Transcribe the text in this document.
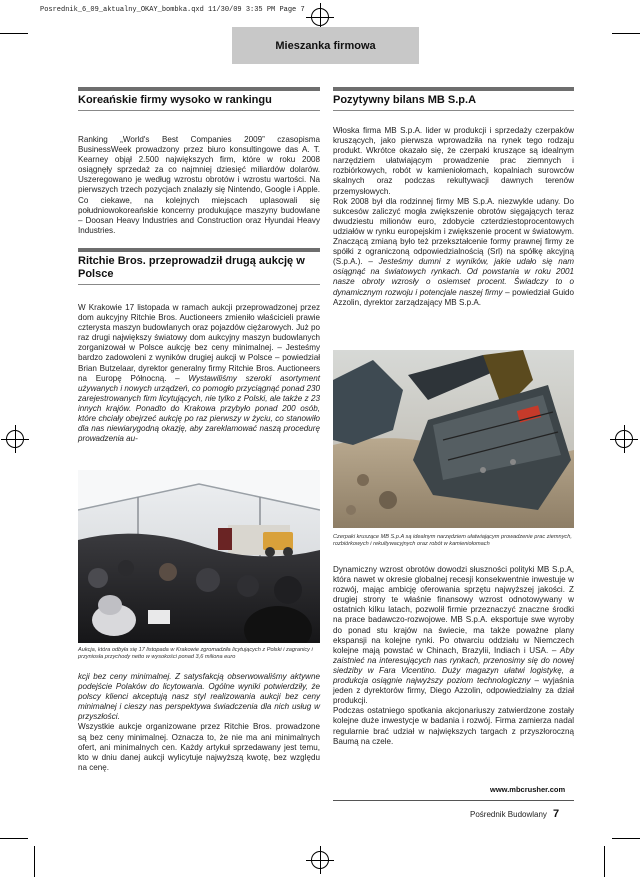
Posrednik_6_09_aktualny_OKAY_bombka.qxd 11/30/09 3:35 PM Page 7
Mieszanka firmowa
Koreańskie firmy wysoko w rankingu
Ranking „World's Best Companies 2009” czasopisma BusinessWeek prowadzony przez biuro konsultingowe das A. T. Kearney objął 2.500 największych firm, które w roku 2008 osiągnęły sprzedaż za co najmniej dziesięć miliardów dolarów. Uszeregowano je według wzrostu obrotów i wzrostu wartości. Na pierwszych trzech pozycjach znalazły się Nintendo, Google i Apple. Co ciekawe, na kolejnych miejscach uplasowali się południowokoreańskie koncerny produkujące maszyny budowlane – Doosan Heavy Industries and Construction oraz Hyundai Heavy Industries.
Ritchie Bros. przeprowadził drugą aukcję w Polsce
W Krakowie 17 listopada w ramach aukcji przeprowadzonej przez dom aukcyjny Ritchie Bros. Auctioneers zmieniło właścicieli prawie czterysta maszyn budowlanych oraz pojazdów ciężarowych. Już po raz drugi największy światowy dom aukcyjny maszyn budowlanych zorganizował w Polsce aukcję bez ceny minimalnej. – Jesteśmy bardzo zadowoleni z wyników drugiej aukcji w Polsce – powiedział Brian Butzelaar, dyrektor generalny firmy Ritchie Bros. Auctioneers na Europę Północną. – Wystawiliśmy szeroki asortyment używanych i nowych urządzeń, co pomogło przyciągnąć ponad 230 zarejestrowanych firm licytujących, nie tylko z Polski, ale także z 23 innych krajów. Ponadto do Krakowa przybyło ponad 200 osób, które chciały obejrzeć aukcję po raz pierwszy w życiu, co stanowiło dla nas niewiarygodną okazję, aby zareklamować naszą procedurę prowadzenia au-
Aukcja, która odbyła się 17 listopada w Krakowie zgromadziła licytujących z Polski i zagranicy i przyniosła przychody netto w wysokości ponad 3,6 miliona euro
kcji bez ceny minimalnej. Z satysfakcją obserwowaliśmy aktywne podejście Polaków do licytowania. Ogólne wyniki potwierdziły, że polscy klienci akceptują nasz styl realizowania aukcji bez ceny minimalnej i cieszy nas perspektywa świadczenia dla nich usług w przyszłości.
Wszystkie aukcje organizowane przez Ritchie Bros. prowadzone są bez ceny minimalnej. Oznacza to, że nie ma ani minimalnych ofert, ani minimalnych cen. Każdy artykuł sprzedawany jest temu, kto w dniu danej aukcji wylicytuje najwyższą kwotę, bez względu na cenę.
Pozytywny bilans MB S.p.A
Włoska firma MB S.p.A. lider w produkcji i sprzedaży czerpaków kruszących, jako pierwsza wprowadziła na rynek tego rodzaju produkt. Wkrótce okazało się, że czerpaki kruszące są idealnym narzędziem ułatwiającym prowadzenie prac ziemnych i rozbiórkowych, robót w kamieniołomach, kopalniach surowców skalnych oraz podczas rekultywacji dawnych terenów przemysłowych.
Rok 2008 był dla rodzinnej firmy MB S.p.A. niezwykle udany. Do sukcesów zaliczyć mogła zwiększenie obrotów sięgających teraz dwudziestu milionów euro, zdobycie czterdziestoprocentowych udziałów w rynku europejskim i zwiększenie procent w światowym. Znaczącą zmianą było też przekształcenie formy prawnej firmy ze spółki z ograniczoną odpowiedzialnością (Srl) na spółkę akcyjną (S.p.A.). – Jesteśmy dumni z wyników, jakie udało się nam osiągnąć na światowych rynkach. Od powstania w roku 2001 nasze obroty wzrosły o osiemset procent. Świadczy to o dynamicznym rozwoju i potencjale naszej firmy – powiedział Guido Azzolin, dyrektor zarządzający MB S.p.A.
Czerpaki kruszące MB S.p.A są idealnym narzędziem ułatwiającym prowadzenie prac ziemnych, rozbiórkowych i rekultywacyjnych oraz robót w kamieniołomach
Dynamiczny wzrost obrotów dowodzi słuszności polityki MB S.p.A, która nawet w okresie globalnej recesji konsekwentnie inwestuje w rozwój, mając ambicję oferowania sprzętu najwyższej jakości. Z drugiej strony te właśnie finansowy wzrost odnotowywany w ostatnich kilku latach, pozwolił firmie przeznaczyć znaczne środki na prace badawczo-rozwojowe. MB S.p.A. eksportuje swe wyroby do ponad stu krajów na świecie, ma także poważne plany ekspansji na kolejne rynki. Po otwarciu oddziału w Niemczech kolejne mają powstać w Chinach, Brazylii, Indiach i USA. – Aby zaistnieć na interesujących nas rynkach, przenosimy się do nowej siedziby w Fara Vicentino. Duży magazyn ułatwi logistykę, a produkcja osiągnie najwyższy poziom technologiczny – wyjaśnia jeden z dyrektorów firmy, Diego Azzolin, odpowiedzialny za dział produkcji.
Podczas ostatniego spotkania akcjonariuszy zatwierdzone zostały kolejne duże inwestycje w badania i rozwój. Firma zamierza nadal regularnie brać udział w największych targach z przyszłoroczną Baumą na czele.
www.mbcrusher.com
Pośrednik Budowlany 7
